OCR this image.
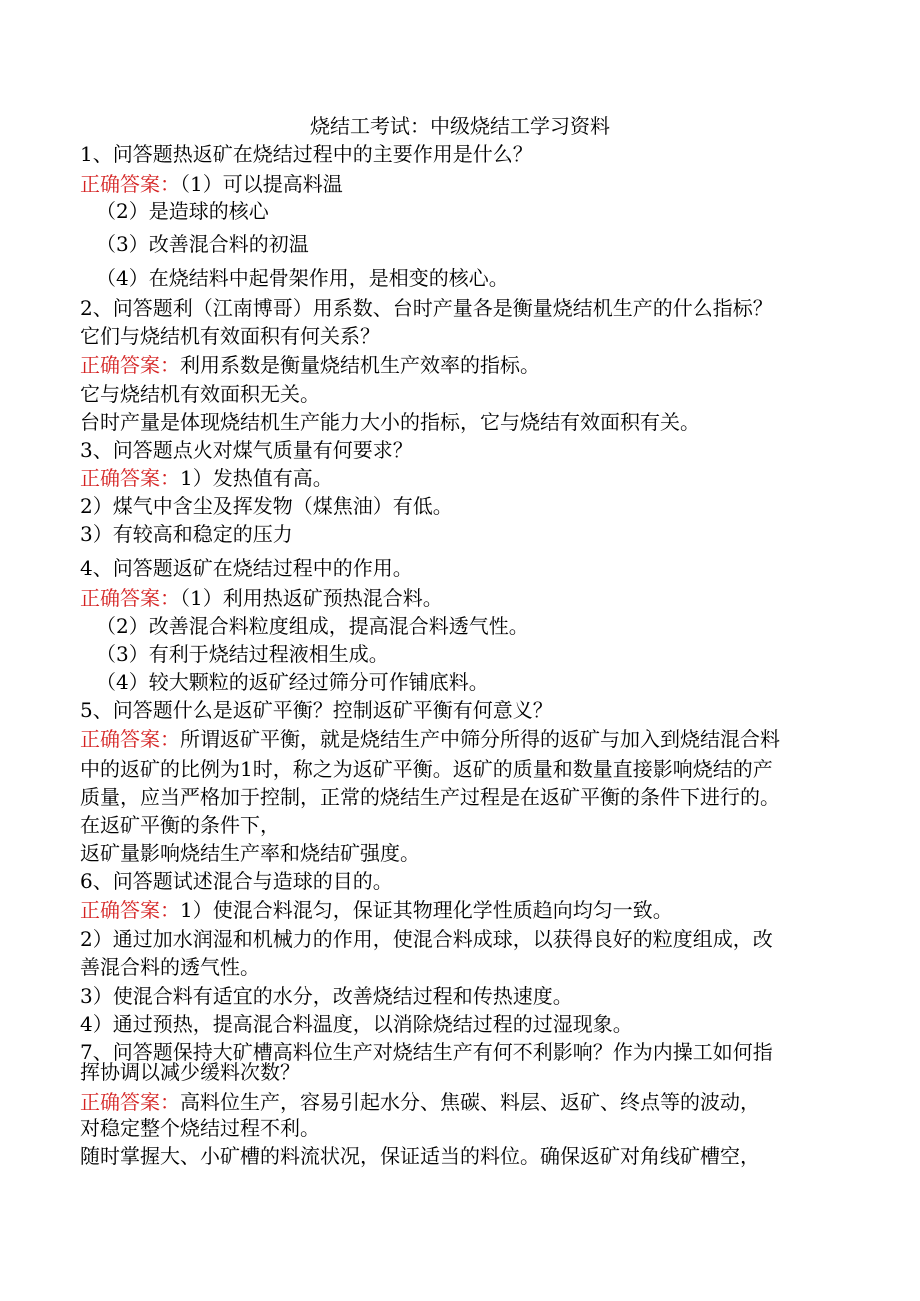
烧结工考试：中级烧结工学习资料
1、问答题热返矿在烧结过程中的主要作用是什么？
正确答案：（1）可以提高料温
（2）是造球的核心
（3）改善混合料的初温
（4）在烧结料中起骨架作用，是相变的核心。
2、问答题利（江南博哥）用系数、台时产量各是衡量烧结机生产的什么指标？
它们与烧结机有效面积有何关系？
正确答案：利用系数是衡量烧结机生产效率的指标。
它与烧结机有效面积无关。
台时产量是体现烧结机生产能力大小的指标，它与烧结有效面积有关。
3、问答题点火对煤气质量有何要求？
正确答案：1）发热值有高。
2）煤气中含尘及挥发物（煤焦油）有低。
3）有较高和稳定的压力
4、问答题返矿在烧结过程中的作用。
正确答案：（1）利用热返矿预热混合料。
（2）改善混合料粒度组成，提高混合料透气性。
（3）有利于烧结过程液相生成。
（4）较大颗粒的返矿经过筛分可作铺底料。
5、问答题什么是返矿平衡？控制返矿平衡有何意义？
正确答案：所谓返矿平衡，就是烧结生产中筛分所得的返矿与加入到烧结混合料
中的返矿的比例为1时，称之为返矿平衡。返矿的质量和数量直接影响烧结的产
质量，应当严格加于控制，正常的烧结生产过程是在返矿平衡的条件下进行的。
在返矿平衡的条件下，
返矿量影响烧结生产率和烧结矿强度。
6、问答题试述混合与造球的目的。
正确答案：1）使混合料混匀，保证其物理化学性质趋向均匀一致。
2）通过加水润湿和机械力的作用，使混合料成球，以获得良好的粒度组成，改
善混合料的透气性。
3）使混合料有适宜的水分，改善烧结过程和传热速度。
4）通过预热，提高混合料温度，以消除烧结过程的过湿现象。
7、问答题保持大矿槽高料位生产对烧结生产有何不利影响？作为内操工如何指
挥协调以减少缓料次数？
正确答案：高料位生产，容易引起水分、焦碳、料层、返矿、终点等的波动，
对稳定整个烧结过程不利。
随时掌握大、小矿槽的料流状况，保证适当的料位。确保返矿对角线矿槽空，
